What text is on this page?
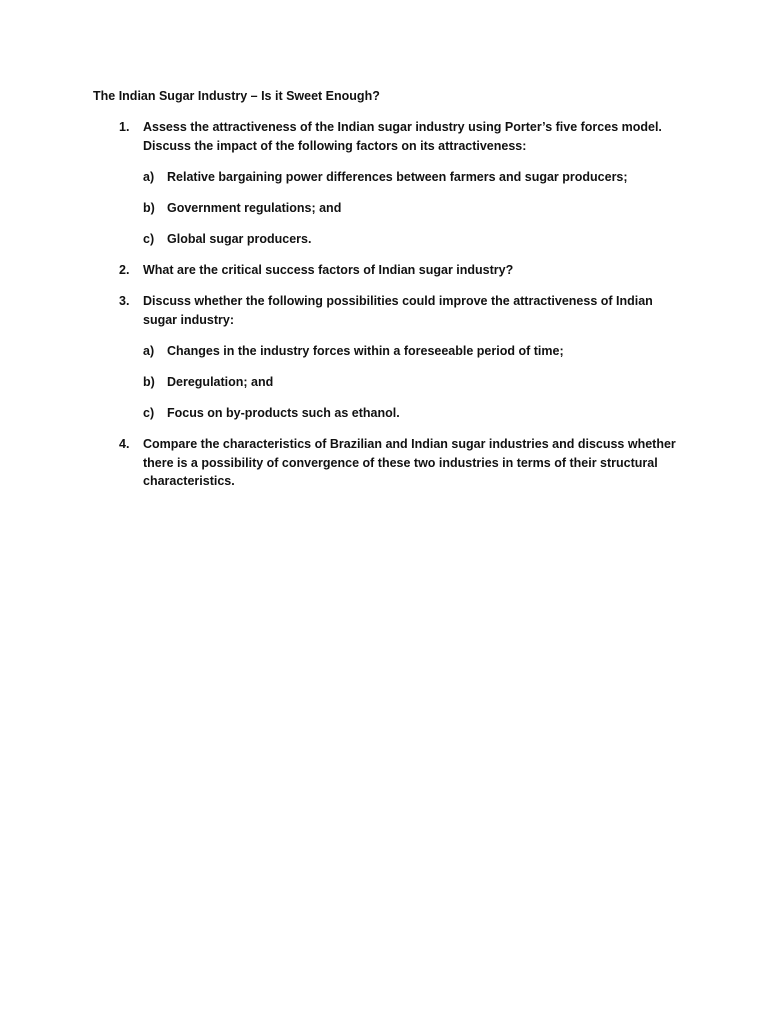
The Indian Sugar Industry – Is it Sweet Enough?
1.	Assess the attractiveness of the Indian sugar industry using Porter’s five forces model. Discuss the impact of the following factors on its attractiveness:
a)	Relative bargaining power differences between farmers and sugar producers;
b) Government regulations; and
c)	Global sugar producers.
2.	What are the critical success factors of Indian sugar industry?
3.	Discuss whether the following possibilities could improve the attractiveness of Indian sugar industry:
a)	Changes in the industry forces within a foreseeable period of time;
b) Deregulation; and
c)	Focus on by-products such as ethanol.
4.	Compare the characteristics of Brazilian and Indian sugar industries and discuss whether there is a possibility of convergence of these two industries in terms of their structural characteristics.
